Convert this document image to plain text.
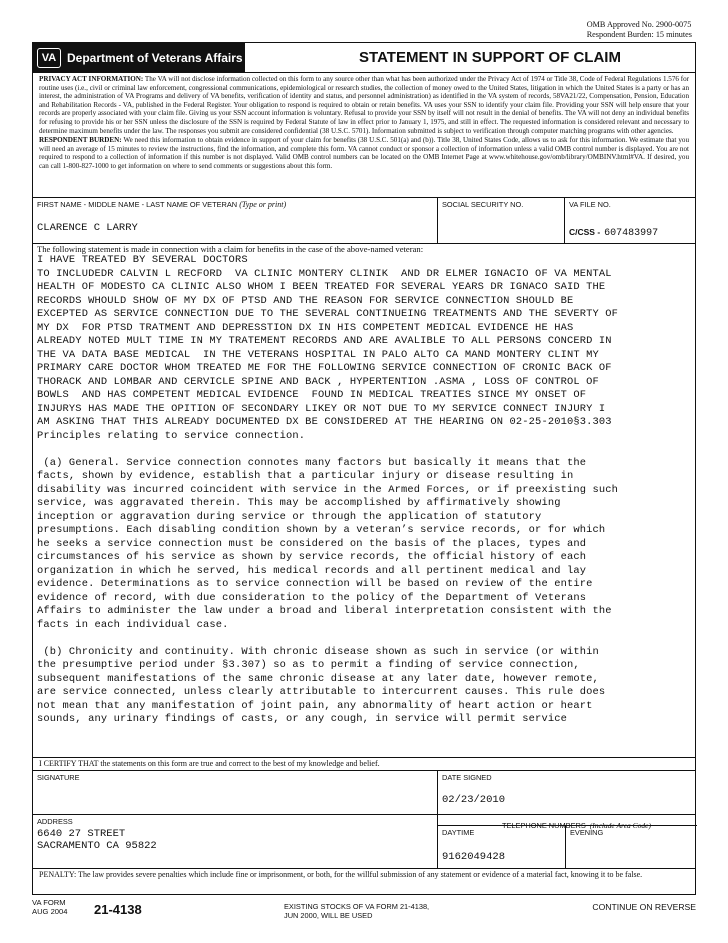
OMB Approved No. 2900-0075
Respondent Burden: 15 minutes
VA Department of Veterans Affairs	STATEMENT IN SUPPORT OF CLAIM

PRIVACY ACT INFORMATION: The VA will not disclose information collected on this form to any source other than what has been authorized under the Privacy Act of 1974 or Title 38, Code of Federal Regulations 1.576 for routine uses (i.e., civil or criminal law enforcement, congressional communications, epidemiological or research studies, the collection of money owed to the United States, litigation in which the United States is a party or has an interest, the administration of VA Programs and delivery of VA benefits, verification of identity and status, and personnel administration) as identified in the VA system of records, 58VA21/22, Compensation, Pension, Education and Rehabilitation Records - VA, published in the Federal Register. Your obligation to respond is required to obtain or retain benefits. VA uses your SSN to identify your claim file. Providing your SSN will help ensure that your records are properly associated with your claim file. Giving us your SSN account information is voluntary. Refusal to provide your SSN by itself will not result in the denial of benefits. The VA will not deny an individual benefits for refusing to provide his or her SSN unless the disclosure of the SSN is required by Federal Statute of law in effect prior to January 1, 1975, and still in effect. The requested information is considered relevant and necessary to determine maximum benefits under the law. The responses you submit are considered confidential (38 U.S.C. 5701). Information submitted is subject to verification through computer matching programs with other agencies.

RESPONDENT BURDEN: We need this information to obtain evidence in support of your claim for benefits (38 U.S.C. 501(a) and (b)). Title 38, United States Code, allows us to ask for this information. We estimate that you will need an average of 15 minutes to review the instructions, find the information, and complete this form. VA cannot conduct or sponsor a collection of information unless a valid OMB control number is displayed. You are not required to respond to a collection of information if this number is not displayed. Valid OMB control numbers can be located on the OMB Internet Page at www.whitehouse.gov/omb/library/OMBINV.html#VA. If desired, you can call 1-800-827-1000 to get information on where to send comments or suggestions about this form.

FIRST NAME - MIDDLE NAME - LAST NAME OF VETERAN (Type or print)
CLARENCE C LARRY
SOCIAL SECURITY NO.	VA FILE NO.
C/CSS - 607483997
The following statement is made in connection with a claim for benefits in the case of the above-named veteran:
I HAVE TREATED BY SEVERAL DOCTORS
TO INCLUDEDR CALVIN L RECFORD  VA CLINIC MONTERY CLINIK  AND DR ELMER IGNACIO OF VA MENTAL
HEALTH OF MODESTO CA CLINIC ALSO WHOM I BEEN TREATED FOR SEVERAL YEARS DR IGNACO SAID THE
RECORDS WHOULD SHOW OF MY DX OF PTSD AND THE REASON FOR SERVICE CONNECTION SHOULD BE
EXCEPTED AS SERVICE CONNECTION DUE TO THE SEVERAL CONTINUEING TREATMENTS AND THE SEVERTY OF
MY DX  FOR PTSD TRATMENT AND DEPRESSTION DX IN HIS COMPETENT MEDICAL EVIDENCE HE HAS
ALREADY NOTED MULT TIME IN MY TRATEMENT RECORDS AND ARE AVALIBLE TO ALL PERSONS CONCERD IN
THE VA DATA BASE MEDICAL  IN THE VETERANS HOSPITAL IN PALO ALTO CA MAND MONTERY CLINT MY
PRIMARY CARE DOCTOR WHOM TREATED ME FOR THE FOLLOWING SERVICE CONNECTION OF CRONIC BACK OF
THORACK AND LOMBAR AND CERVICLE SPINE AND BACK , HYPERTENTION .ASMA , LOSS OF CONTROL OF
BOWLS  AND HAS COMPETENT MEDICAL EVIDENCE  FOUND IN MEDICAL TREATIES SINCE MY ONSET OF
INJURYS HAS MADE THE OPITION OF SECONDARY LIKEY OR NOT DUE TO MY SERVICE CONNECT INJURY I
AM ASKING THAT THIS ALREADY DOCUMENTED DX BE CONSIDERED AT THE HEARING ON 02-25-2010§3.303
Principles relating to service connection.

(a) General. Service connection connotes many factors but basically it means that the
facts, shown by evidence, establish that a particular injury or disease resulting in
disability was incurred coincident with service in the Armed Forces, or if preexisting such
service, was aggravated therein. This may be accomplished by affirmatively showing
inception or aggravation during service or through the application of statutory
presumptions. Each disabling condition shown by a veteran’s service records, or for which
he seeks a service connection must be considered on the basis of the places, types and
circumstances of his service as shown by service records, the official history of each
organization in which he served, his medical records and all pertinent medical and lay
evidence. Determinations as to service connection will be based on review of the entire
evidence of record, with due consideration to the policy of the Department of Veterans
Affairs to administer the law under a broad and liberal interpretation consistent with the
facts in each individual case.

(b) Chronicity and continuity. With chronic disease shown as such in service (or within
the presumptive period under §3.307) so as to permit a finding of service connection,
subsequent manifestations of the same chronic disease at any later date, however remote,
are service connected, unless clearly attributable to intercurrent causes. This rule does
not mean that any manifestation of joint pain, any abnormality of heart action or heart
sounds, any urinary findings of casts, or any cough, in service will permit service
I CERTIFY THAT the statements on this form are true and correct to the best of my knowledge and belief.
SIGNATURE	DATE SIGNED
02/23/2010
ADDRESS
6640 27 STREET
SACRAMENTO CA 95822
TELEPHONE NUMBERS (Include Area Code)
DAYTIME
9162049428
EVENING
PENALTY: The law provides severe penalties which include fine or imprisonment, or both, for the willful submission of any statement or evidence of a material fact, knowing it to be false.
VA FORM
AUG 2004 21-4138	EXISTING STOCKS OF VA FORM 21-4138,
JUN 2000, WILL BE USED
CONTINUE ON REVERSE
